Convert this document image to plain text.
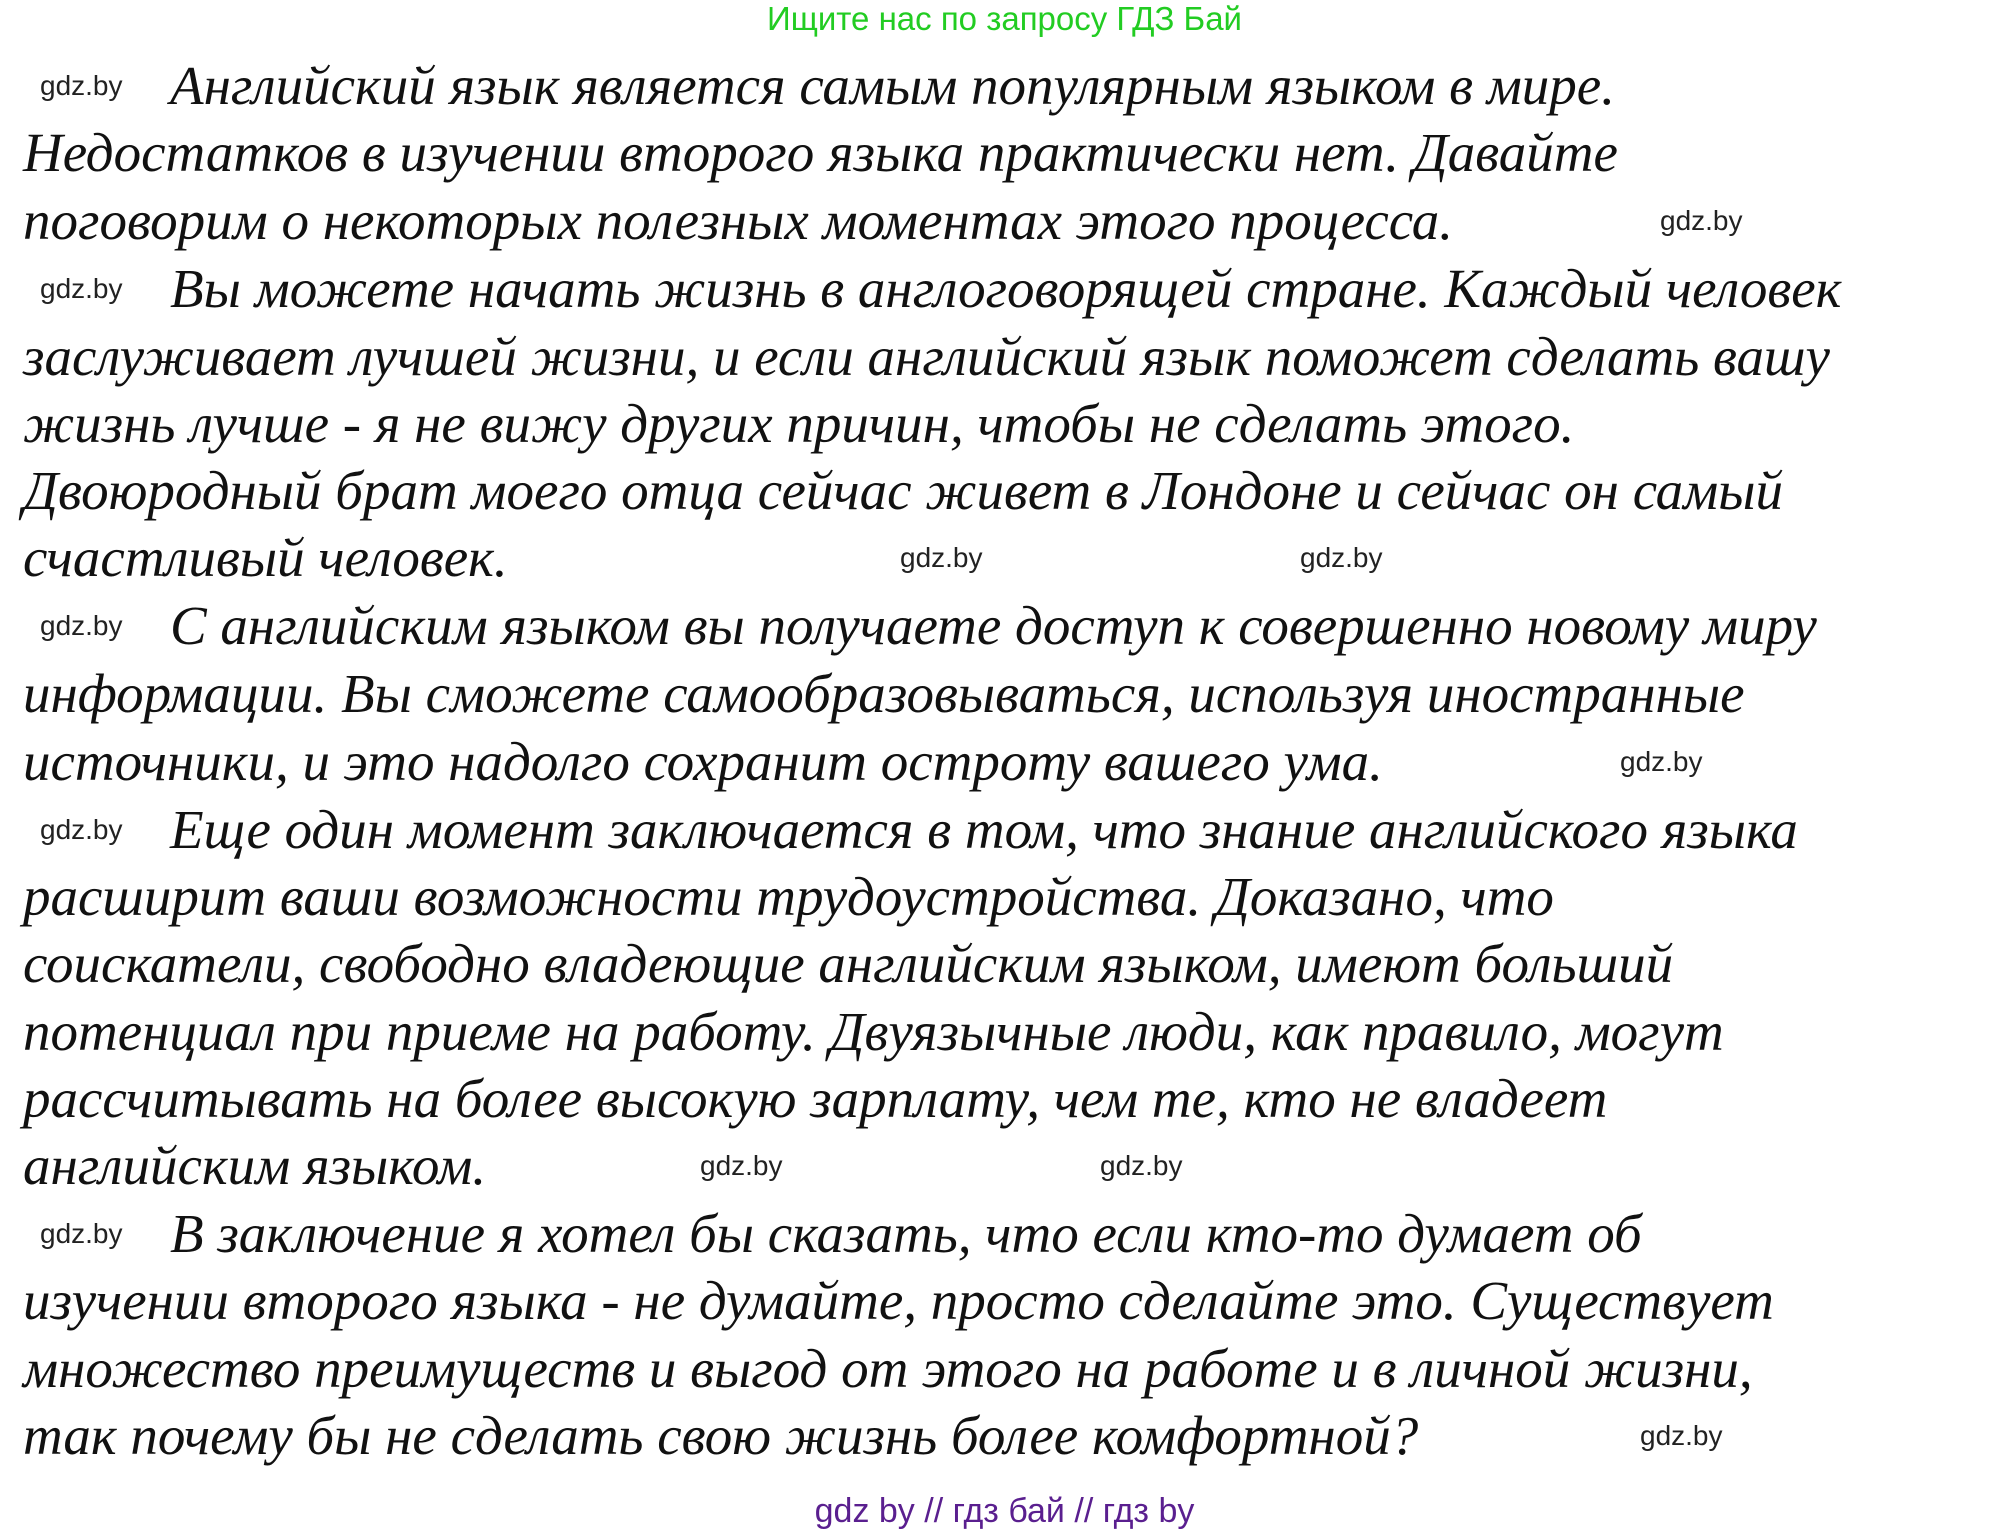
Ищите нас по запросу ГДЗ Бай
Английский язык является самым популярным языком в мире.
Недостатков в изучении второго языка практически нет. Давайте
поговорим о некоторых полезных моментах этого процесса.
Вы можете начать жизнь в англоговорящей стране. Каждый человек
заслуживает лучшей жизни, и если английский язык поможет сделать вашу
жизнь лучше - я не вижу других причин, чтобы не сделать этого.
Двоюродный брат моего отца сейчас живет в Лондоне и сейчас он самый
счастливый человек.
С английским языком вы получаете доступ к совершенно новому миру
информации. Вы сможете самообразовываться, используя иностранные
источники, и это надолго сохранит остроту вашего ума.
Еще один момент заключается в том, что знание английского языка
расширит ваши возможности трудоустройства. Доказано, что
соискатели, свободно владеющие английским языком, имеют больший
потенциал при приеме на работу. Двуязычные люди, как правило, могут
рассчитывать на более высокую зарплату, чем те, кто не владеет
английским языком.
В заключение я хотел бы сказать, что если кто-то думает об
изучении второго языка - не думайте, просто сделайте это. Существует
множество преимуществ и выгод от этого на работе и в личной жизни,
так почему бы не сделать свою жизнь более комфортной?
gdz.by
gdz.by
gdz.by
gdz.by	gdz.by
gdz.by
gdz.by
gdz.by
gdz.by	gdz.by
gdz.by
gdz.by
gdz by // гдз бай // гдз by
